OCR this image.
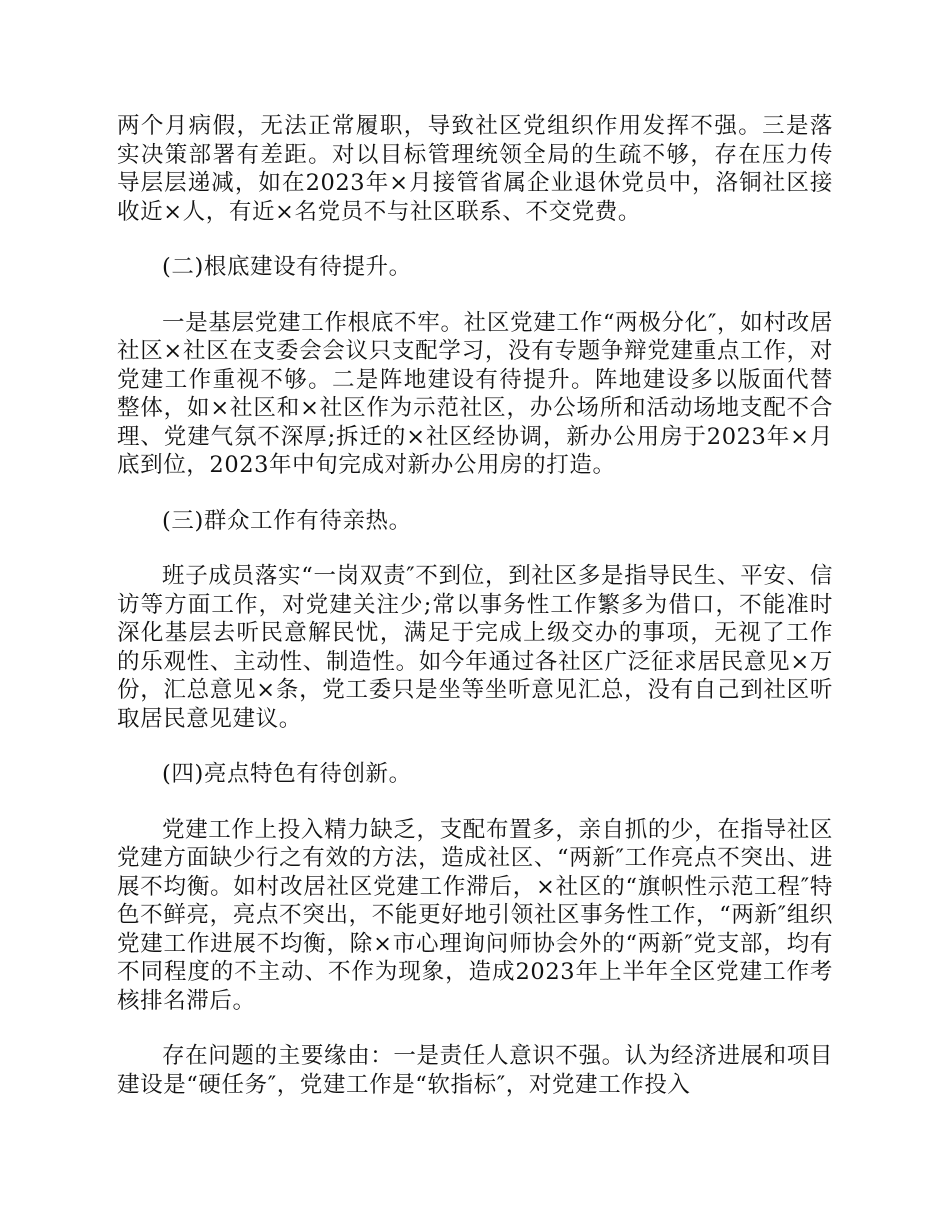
两个月病假，无法正常履职，导致社区党组织作用发挥不强。三是落实决策部署有差距。对以目标管理统领全局的生疏不够，存在压力传导层层递减，如在2023年×月接管省属企业退休党员中，洛铜社区接收近×人，有近×名党员不与社区联系、不交党费。

(二)根底建设有待提升。

一是基层党建工作根底不牢。社区党建工作“两极分化″，如村改居社区×社区在支委会会议只支配学习，没有专题争辩党建重点工作，对党建工作重视不够。二是阵地建设有待提升。阵地建设多以版面代替整体，如×社区和×社区作为示范社区，办公场所和活动场地支配不合理、党建气氛不深厚;拆迁的×社区经协调，新办公用房于2023年×月底到位，2023年中旬完成对新办公用房的打造。

(三)群众工作有待亲热。

班子成员落实“一岗双责″不到位，到社区多是指导民生、平安、信访等方面工作，对党建关注少;常以事务性工作繁多为借口，不能准时深化基层去听民意解民忧，满足于完成上级交办的事项，无视了工作的乐观性、主动性、制造性。如今年通过各社区广泛征求居民意见×万份，汇总意见×条，党工委只是坐等坐听意见汇总，没有自己到社区听取居民意见建议。

(四)亮点特色有待创新。

党建工作上投入精力缺乏，支配布置多，亲自抓的少，在指导社区党建方面缺少行之有效的方法，造成社区、“两新″工作亮点不突出、进展不均衡。如村改居社区党建工作滞后，×社区的“旗帜性示范工程″特色不鲜亮，亮点不突出，不能更好地引领社区事务性工作，“两新″组织党建工作进展不均衡，除×市心理询问师协会外的“两新″党支部，均有不同程度的不主动、不作为现象，造成2023年上半年全区党建工作考核排名滞后。

存在问题的主要缘由：一是责任人意识不强。认为经济进展和项目建设是“硬任务″，党建工作是“软指标″，对党建工作投入
